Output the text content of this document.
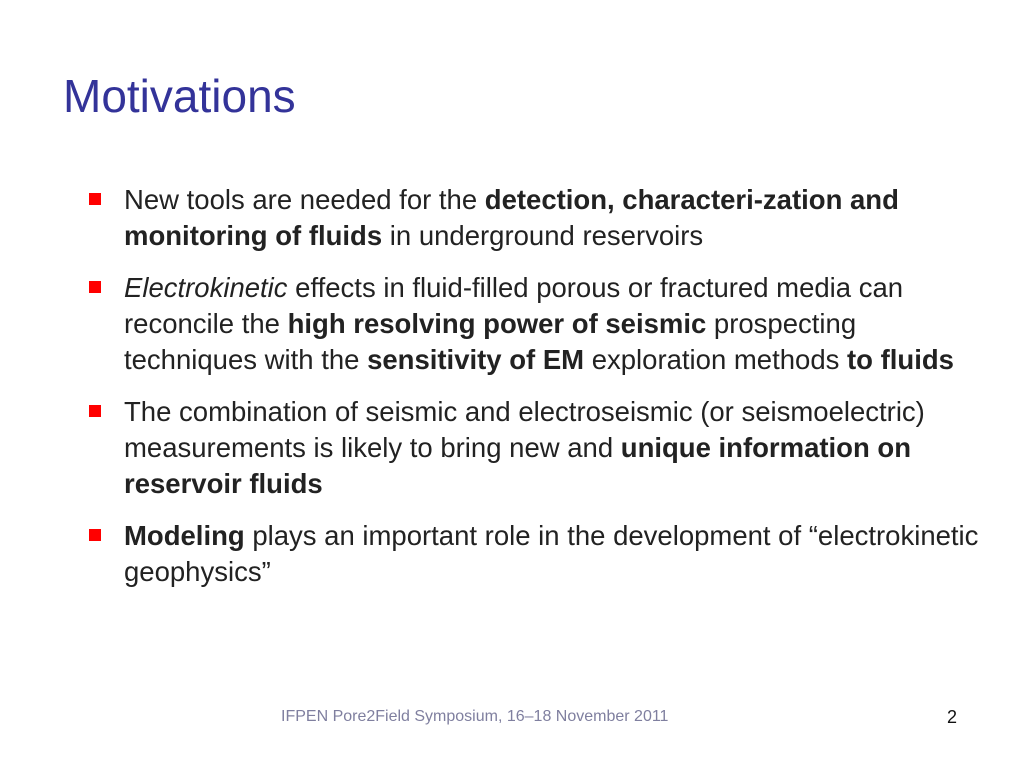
Motivations
New tools are needed for the detection, characteri-zation and monitoring of fluids in underground reservoirs
Electrokinetic effects in fluid-filled porous or fractured media can reconcile the high resolving power of seismic prospecting techniques with the sensitivity of EM exploration methods to fluids
The combination of seismic and electroseismic (or seismoelectric) measurements is likely to bring new and unique information on reservoir fluids
Modeling plays an important role in the development of “electrokinetic geophysics”
IFPEN Pore2Field Symposium, 16–18 November 2011	2
